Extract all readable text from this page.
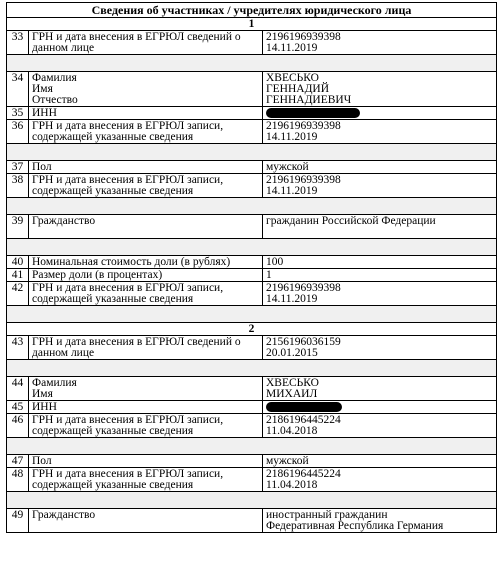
Сведения об участниках / учредителях юридического лица		
1		
33	ГРН и дата внесения в ЕГРЮЛ сведений о
данном лице	2196196939398
14.11.2019

34	Фамилия
Имя
Отчество	ХВЕСЬКО
ГЕННАДИЙ
ГЕННАДИЕВИЧ

35	ИНН	

36	ГРН и дата внесения в ЕГРЮЛ записи,
содержащей указанные сведения	2196196939398
14.11.2019

37	Пол	мужской

38	ГРН и дата внесения в ЕГРЮЛ записи,
содержащей указанные сведения	2196196939398
14.11.2019

39	Гражданство	гражданин Российской Федерации

40	Номинальная стоимость доли (в рублях)	100

41	Размер доли (в процентах)	1

42	ГРН и дата внесения в ЕГРЮЛ записи,
содержащей указанные сведения	2196196939398
14.11.2019

2		
43	ГРН и дата внесения в ЕГРЮЛ сведений о
данном лице	2156196036159
20.01.2015

44	Фамилия
Имя	ХВЕСЬКО
МИХАИЛ

45	ИНН	

46	ГРН и дата внесения в ЕГРЮЛ записи,
содержащей указанные сведения	2186196445224
11.04.2018

47	Пол	мужской

48	ГРН и дата внесения в ЕГРЮЛ записи,
содержащей указанные сведения	2186196445224
11.04.2018

49	Гражданство	иностранный гражданин
Федеративная Республика Германия
